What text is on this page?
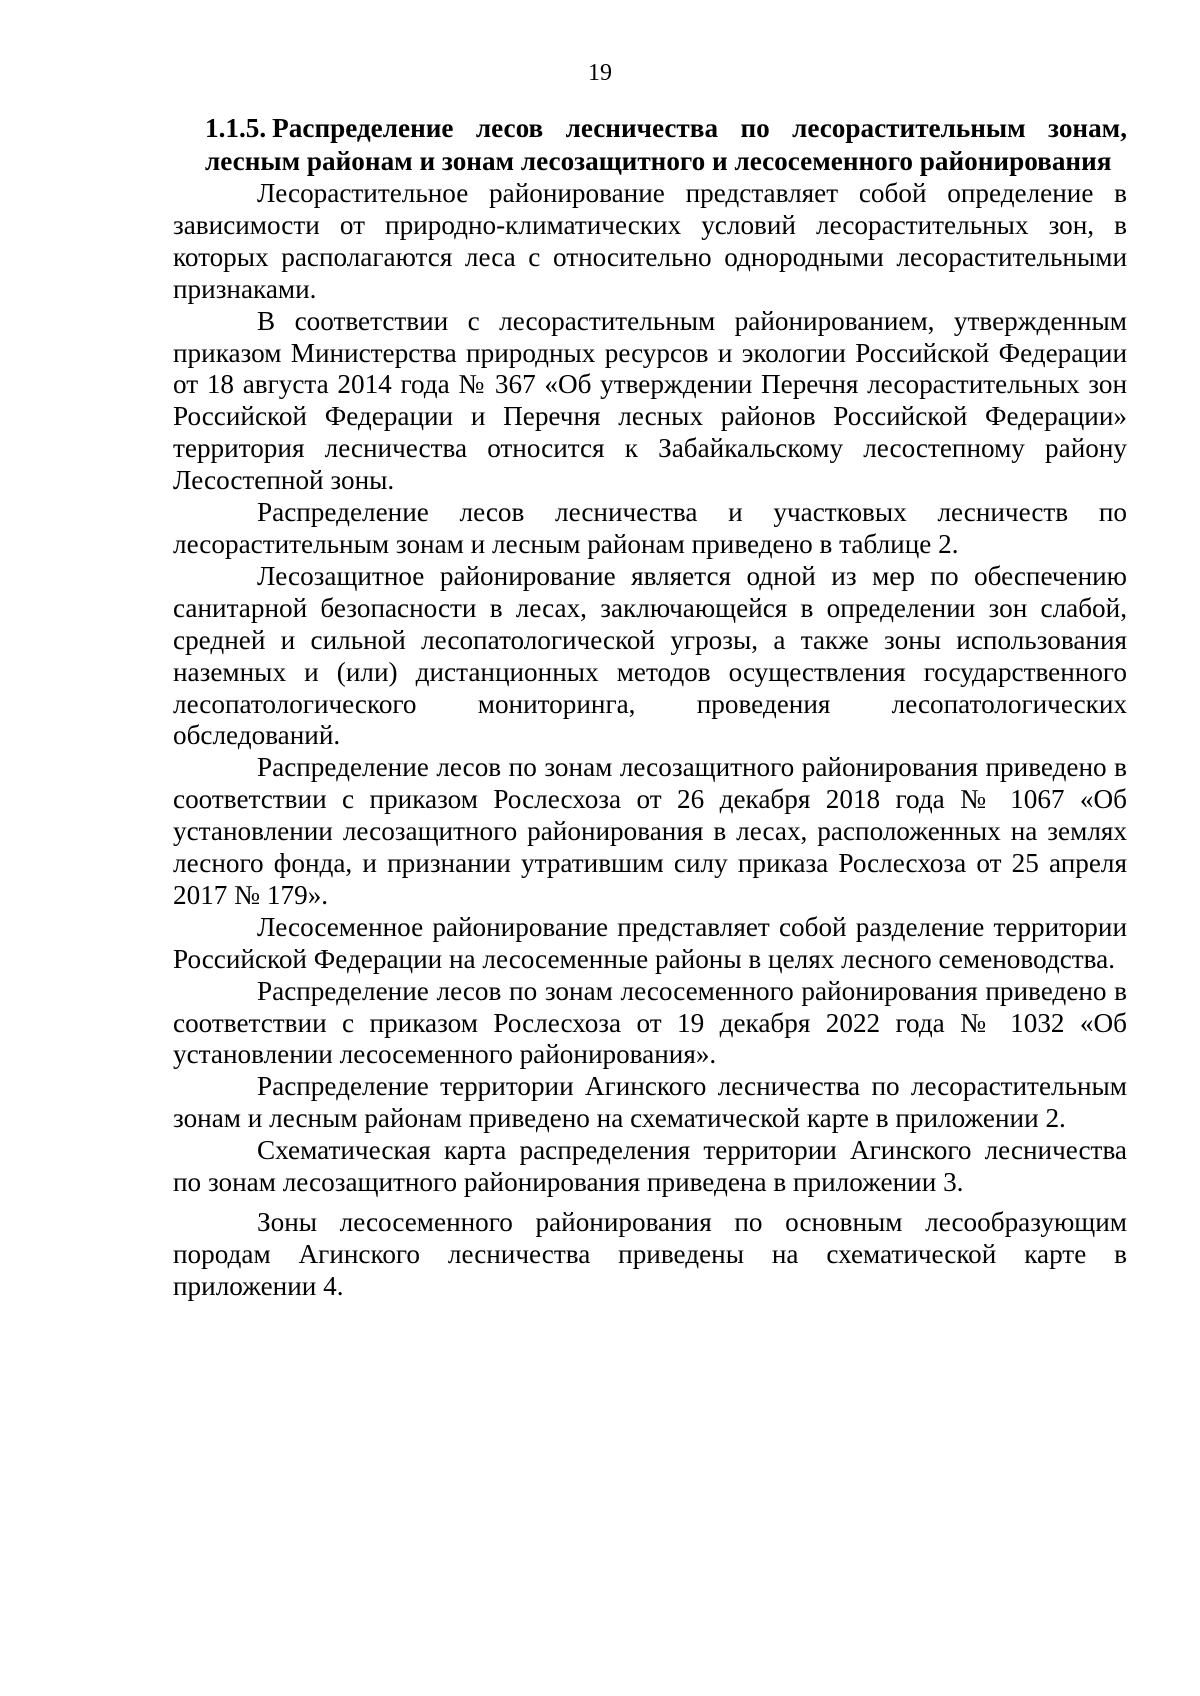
19
1.1.5. Распределение лесов лесничества по лесорастительным зонам, лесным районам и зонам лесозащитного и лесосеменного районирования

Лесорастительное районирование представляет собой определение в зависимости от природно-климатических условий лесорастительных зон, в которых располагаются леса с относительно однородными лесорастительными признаками.

В соответствии с лесорастительным районированием, утвержденным приказом Министерства природных ресурсов и экологии Российской Федерации от 18 августа 2014 года № 367 «Об утверждении Перечня лесорастительных зон Российской Федерации и Перечня лесных районов Российской Федерации» территория лесничества относится к Забайкальскому лесостепному району Лесостепной зоны.

Распределение лесов лесничества и участковых лесничеств по лесорастительным зонам и лесным районам приведено в таблице 2.

Лесозащитное районирование является одной из мер по обеспечению санитарной безопасности в лесах, заключающейся в определении зон слабой, средней и сильной лесопатологической угрозы, а также зоны использования наземных и (или) дистанционных методов осуществления государственного лесопатологического мониторинга, проведения лесопатологических обследований.

Распределение лесов по зонам лесозащитного районирования приведено в соответствии с приказом Рослесхоза от 26 декабря 2018 года № 1067 «Об установлении лесозащитного районирования в лесах, расположенных на землях лесного фонда, и признании утратившим силу приказа Рослесхоза от 25 апреля 2017 № 179».

Лесосеменное районирование представляет собой разделение территории Российской Федерации на лесосеменные районы в целях лесного семеноводства.

Распределение лесов по зонам лесосеменного районирования приведено в соответствии с приказом Рослесхоза от 19 декабря 2022 года № 1032 «Об установлении лесосеменного районирования».

Распределение территории Агинского лесничества по лесорастительным зонам и лесным районам приведено на схематической карте в приложении 2.

Схематическая карта распределения территории Агинского лесничества по зонам лесозащитного районирования приведена в приложении 3.

Зоны лесосеменного районирования по основным лесообразующим породам Агинского лесничества приведены на схематической карте в приложении 4.
